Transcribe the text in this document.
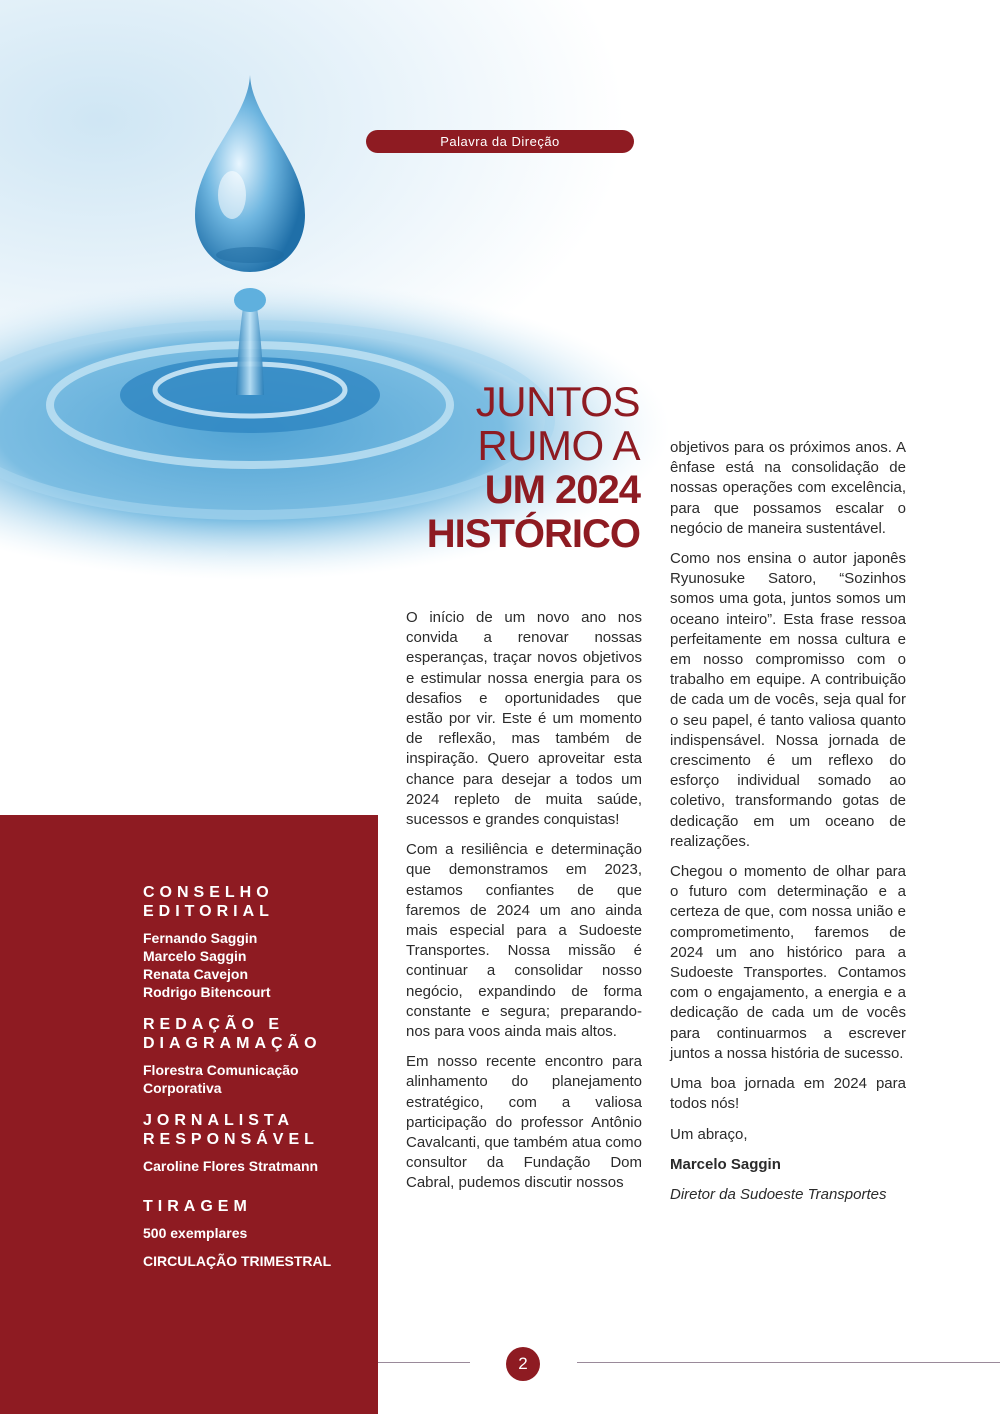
Palavra da Direção
JUNTOS
RUMO A
UM 2024
HISTÓRICO

O início de um novo ano nos convida a renovar nossas esperanças, traçar novos objetivos e estimular nossa energia para os desafios e oportunidades que estão por vir. Este é um momento de reflexão, mas também de inspiração. Quero aproveitar esta chance para desejar a todos um 2024 repleto de muita saúde, sucessos e grandes conquistas!

Com a resiliência e determinação que demonstramos em 2023, estamos confiantes de que faremos de 2024 um ano ainda mais especial para a Sudoeste Transportes. Nossa missão é continuar a consolidar nosso negócio, expandindo de forma constante e segura; preparando-nos para voos ainda mais altos.

Em nosso recente encontro para alinhamento do planejamento estratégico, com a valiosa participação do professor Antônio Cavalcanti, que também atua como consultor da Fundação Dom Cabral, pudemos discutir nossos

objetivos para os próximos anos. A ênfase está na consolidação de nossas operações com excelência, para que possamos escalar o negócio de maneira sustentável.

Como nos ensina o autor japonês Ryunosuke Satoro, “Sozinhos somos uma gota, juntos somos um oceano inteiro”. Esta frase ressoa perfeitamente em nossa cultura e em nosso compromisso com o trabalho em equipe. A contribuição de cada um de vocês, seja qual for o seu papel, é tanto valiosa quanto indispensável. Nossa jornada de crescimento é um reflexo do esforço individual somado ao coletivo, transformando gotas de dedicação em um oceano de realizações.

Chegou o momento de olhar para o futuro com determinação e a certeza de que, com nossa união e comprometimento, faremos de 2024 um ano histórico para a Sudoeste Transportes. Contamos com o engajamento, a energia e a dedicação de cada um de vocês para continuarmos a escrever juntos a nossa história de sucesso.

Uma boa jornada em 2024 para todos nós!

Um abraço,

Marcelo Saggin

Diretor da Sudoeste Transportes

CONSELHO EDITORIAL

Fernando Saggin

Marcelo Saggin

Renata Cavejon

Rodrigo Bitencourt

REDAÇÃO E DIAGRAMAÇÃO

Florestra Comunicação Corporativa

JORNALISTA RESPONSÁVEL

Caroline Flores Stratmann

TIRAGEM

500 exemplares

CIRCULAÇÃO TRIMESTRAL

2
